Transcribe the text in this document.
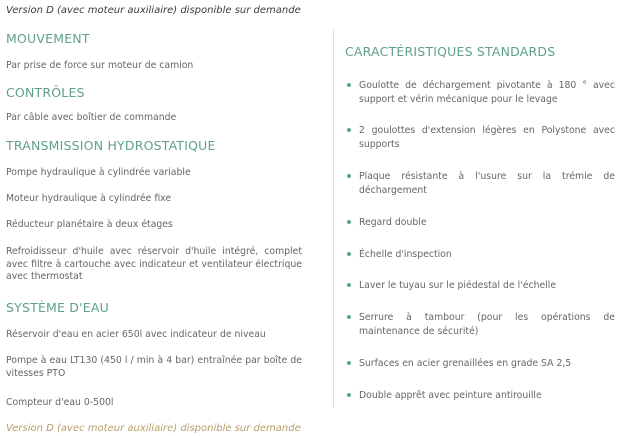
Version D (avec moteur auxiliaire) disponible sur demande
MOUVEMENT
Par prise de force sur moteur de camion
CONTRÔLES
Par câble avec boîtier de commande
TRANSMISSION HYDROSTATIQUE
Pompe hydraulique à cylindrée variable
Moteur hydraulique à cylindrée fixe
Réducteur planétaire à deux étages
Refroidisseur d'huile avec réservoir d'huile intégré, complet avec filtre à cartouche avec indicateur et ventilateur électrique avec thermostat
SYSTÈME D'EAU
Réservoir d'eau en acier 650l avec indicateur de niveau
Pompe à eau LT130 (450 l / min à 4 bar) entraînée par boîte de vitesses PTO
Compteur d'eau 0-500l
CARACTÉRISTIQUES STANDARDS
Goulotte de déchargement pivotante à 180 ° avec support et vérin mécanique pour le levage
2 goulottes d'extension légères en Polystone avec supports
Plaque résistante à l'usure sur la trémie de déchargement
Regard double
Échelle d'inspection
Laver le tuyau sur le piédestal de l'échelle
Serrure à tambour (pour les opérations de maintenance de sécurité)
Surfaces en acier grenaillées en grade SA 2,5
Double apprêt avec peinture antirouille
Version D (avec moteur auxiliaire) disponible sur demande
